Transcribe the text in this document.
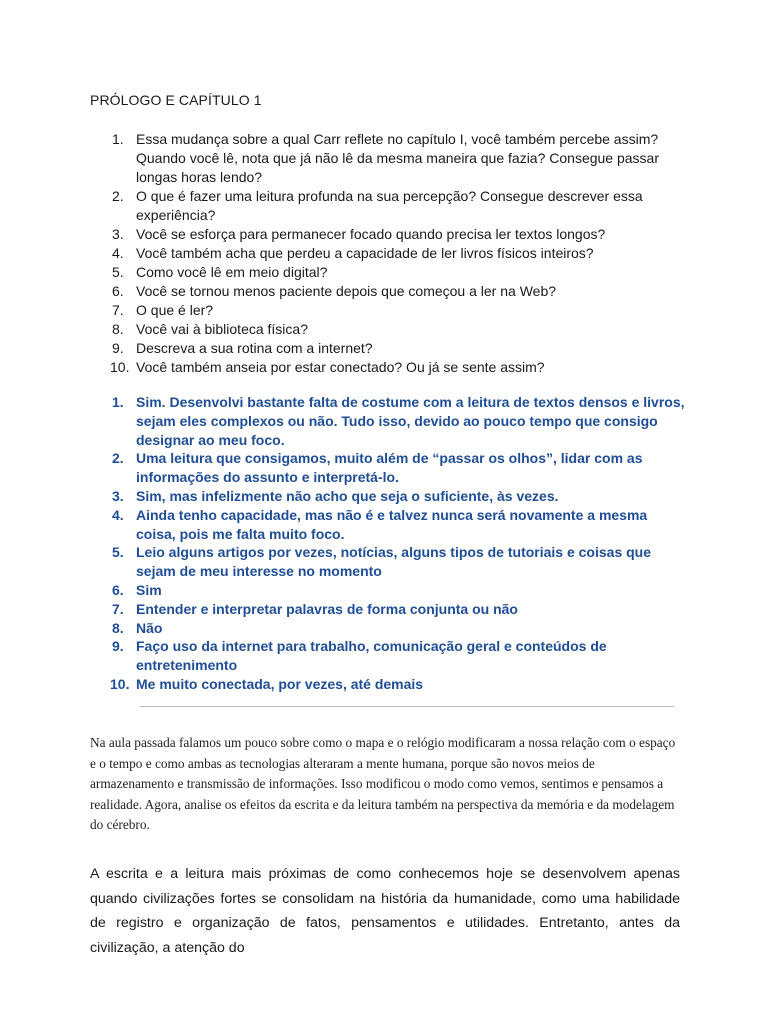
PRÓLOGO E CAPÍTULO 1
1. Essa mudança sobre a qual Carr reflete no capítulo I, você também percebe assim? Quando você lê, nota que já não lê da mesma maneira que fazia? Consegue passar longas horas lendo?
2. O que é fazer uma leitura profunda na sua percepção? Consegue descrever essa experiência?
3. Você se esforça para permanecer focado quando precisa ler textos longos?
4. Você também acha que perdeu a capacidade de ler livros físicos inteiros?
5. Como você lê em meio digital?
6. Você se tornou menos paciente depois que começou a ler na Web?
7. O que é ler?
8. Você vai à biblioteca física?
9. Descreva a sua rotina com a internet?
10. Você também anseia por estar conectado? Ou já se sente assim?
1. Sim. Desenvolvi bastante falta de costume com a leitura de textos densos e livros, sejam eles complexos ou não. Tudo isso, devido ao pouco tempo que consigo designar ao meu foco.
2. Uma leitura que consigamos, muito além de “passar os olhos”, lidar com as informações do assunto e interpretá-lo.
3. Sim, mas infelizmente não acho que seja o suficiente, às vezes.
4. Ainda tenho capacidade, mas não é e talvez nunca será novamente a mesma coisa, pois me falta muito foco.
5. Leio alguns artigos por vezes, notícias, alguns tipos de tutoriais e coisas que sejam de meu interesse no momento
6. Sim
7. Entender e interpretar palavras de forma conjunta ou não
8. Não
9. Faço uso da internet para trabalho, comunicação geral e conteúdos de entretenimento
10. Me muito conectada, por vezes, até demais

Na aula passada falamos um pouco sobre como o mapa e o relógio modificaram a nossa relação com o espaço e o tempo e como ambas as tecnologias alteraram a mente humana, porque são novos meios de armazenamento e transmissão de informações. Isso modificou o modo como vemos, sentimos e pensamos a realidade. Agora, analise os efeitos da escrita e da leitura também na perspectiva da memória e da modelagem do cérebro.

A escrita e a leitura mais próximas de como conhecemos hoje se desenvolvem apenas quando civilizações fortes se consolidam na história da humanidade, como uma habilidade de registro e organização de fatos, pensamentos e utilidades. Entretanto, antes da civilização, a atenção do
